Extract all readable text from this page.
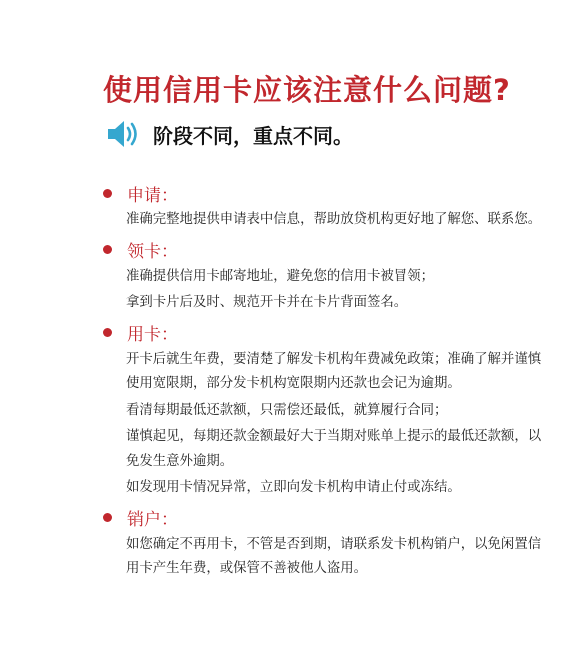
使用信用卡应该注意什么问题?
阶段不同，重点不同。
申请：

准确完整地提供申请表中信息，帮助放贷机构更好地了解您、联系您。

领卡：

准确提供信用卡邮寄地址，避免您的信用卡被冒领；

拿到卡片后及时、规范开卡并在卡片背面签名。

用卡：

开卡后就生年费，要清楚了解发卡机构年费减免政策；准确了解并谨慎使用宽限期，部分发卡机构宽限期内还款也会记为逾期。

看清每期最低还款额，只需偿还最低，就算履行合同；

谨慎起见，每期还款金额最好大于当期对账单上提示的最低还款额，以免发生意外逾期。

如发现用卡情况异常，立即向发卡机构申请止付或冻结。

销户：

如您确定不再用卡，不管是否到期，请联系发卡机构销户，以免闲置信用卡产生年费，或保管不善被他人盗用。
